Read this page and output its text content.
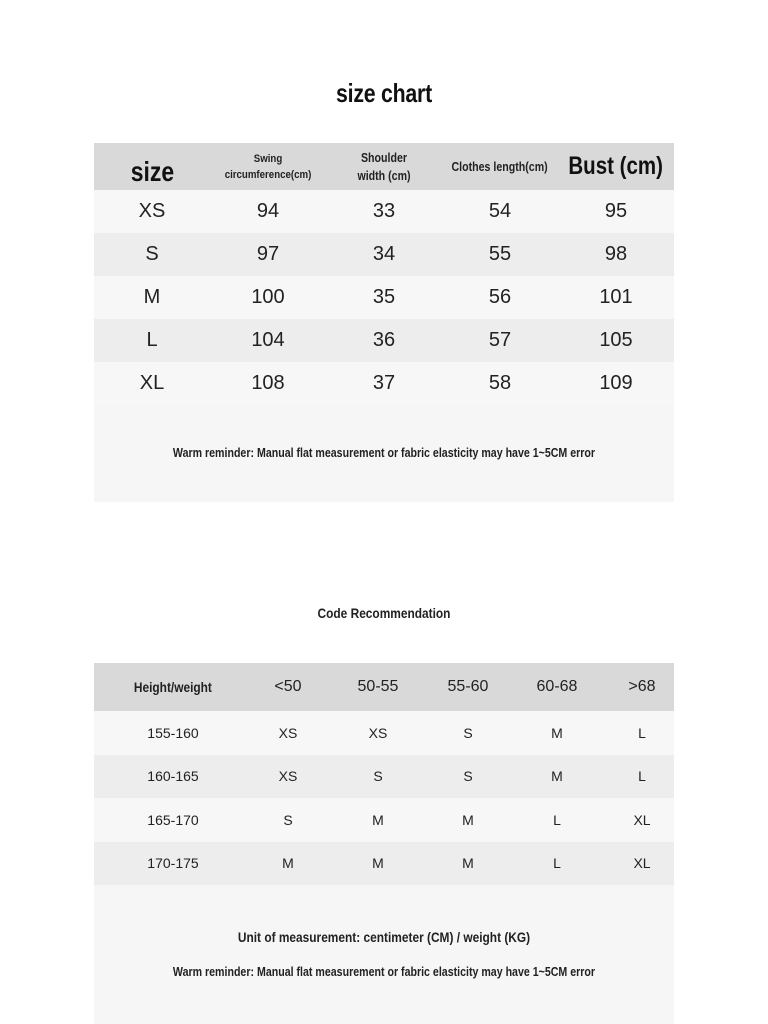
size chart
size	Swing circumference(cm)	Shoulder width (cm)	Clothes length(cm)	Bust (cm)
XS	94	33	54	95
S	97	34	55	98
M	100	35	56	101
L	104	36	57	105
XL	108	37	58	109
Warm reminder: Manual flat measurement or fabric elasticity may have 1~5CM error
Code Recommendation
Height/weight	<50	50-55	55-60	60-68	>68
155-160	XS	XS	S	M	L
160-165	XS	S	S	M	L
165-170	S	M	M	L	XL
170-175	M	M	M	L	XL
Unit of measurement: centimeter (CM) / weight (KG)
Warm reminder: Manual flat measurement or fabric elasticity may have 1~5CM error
